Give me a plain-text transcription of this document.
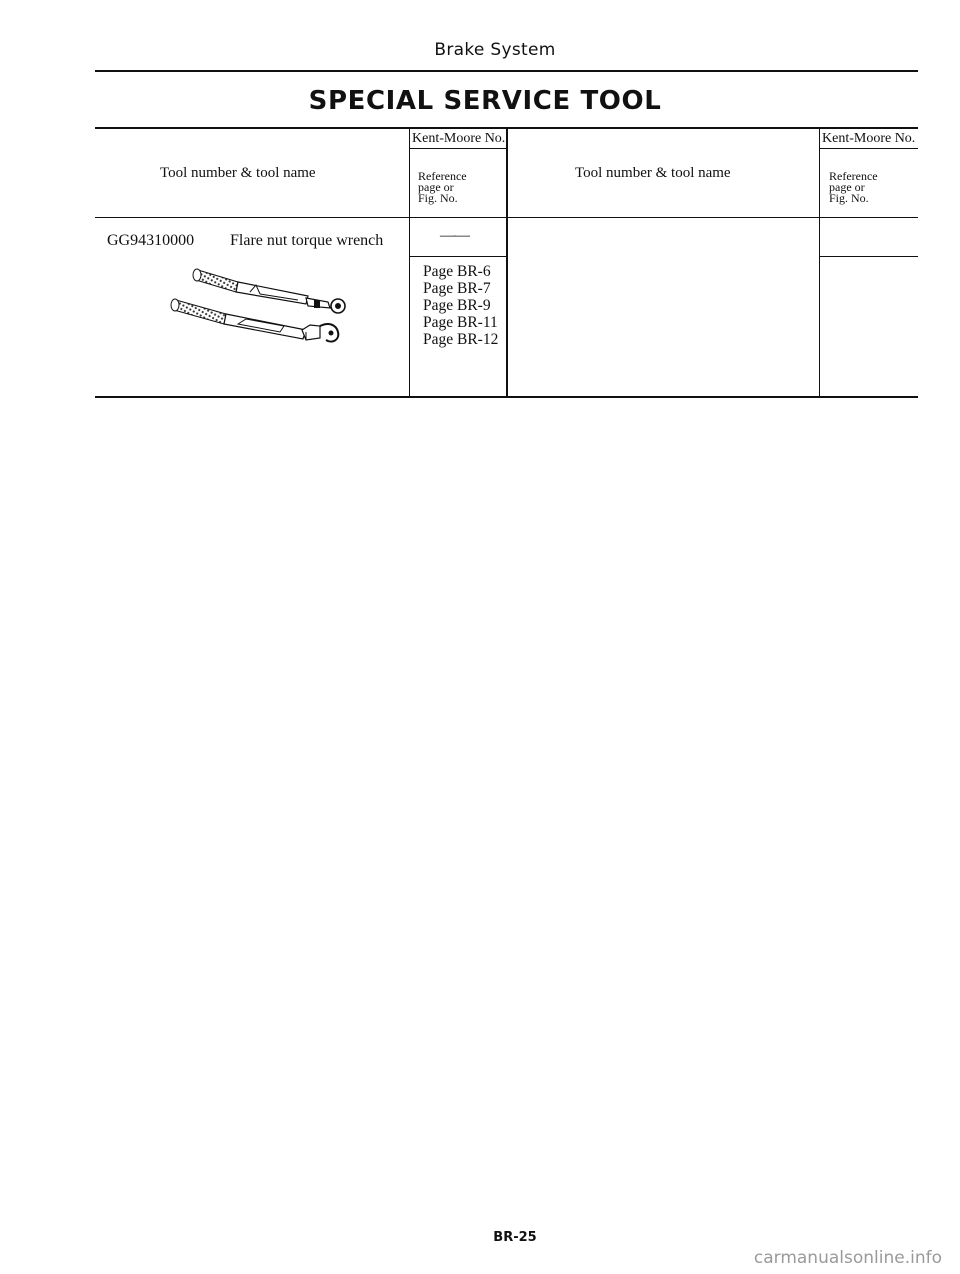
Brake System
SPECIAL SERVICE TOOL
Tool number & tool name
Kent-Moore No.
Reference
page or
Fig. No.
Tool number & tool name
Kent-Moore No.
Reference
page or
Fig. No.
GG94310000 Flare nut torque wrench	——
Page BR-6
Page BR-7
Page BR-9
Page BR-11
Page BR-12
BR-25
carmanualsonline.info
